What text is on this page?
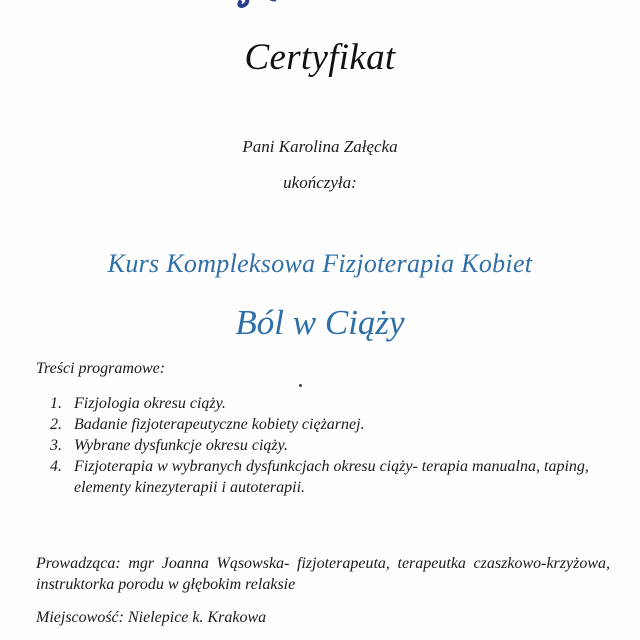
Certyfikat
Pani Karolina Załęcka
ukończyła:
Kurs Kompleksowa Fizjoterapia Kobiet
Ból w Ciąży
Treści programowe:
1. Fizjologia okresu ciąży.
2. Badanie fizjoterapeutyczne kobiety ciężarnej.
3. Wybrane dysfunkcje okresu ciąży.
4. Fizjoterapia w wybranych dysfunkcjach okresu ciąży- terapia manualna, taping, elementy kinezyterapii i autoterapii.
Prowadząca: mgr Joanna Wąsowska- fizjoterapeuta, terapeutka czaszkowo-krzyżowa, instruktorka porodu w głębokim relaksie
Miejscowość: Nielepice k. Krakowa
